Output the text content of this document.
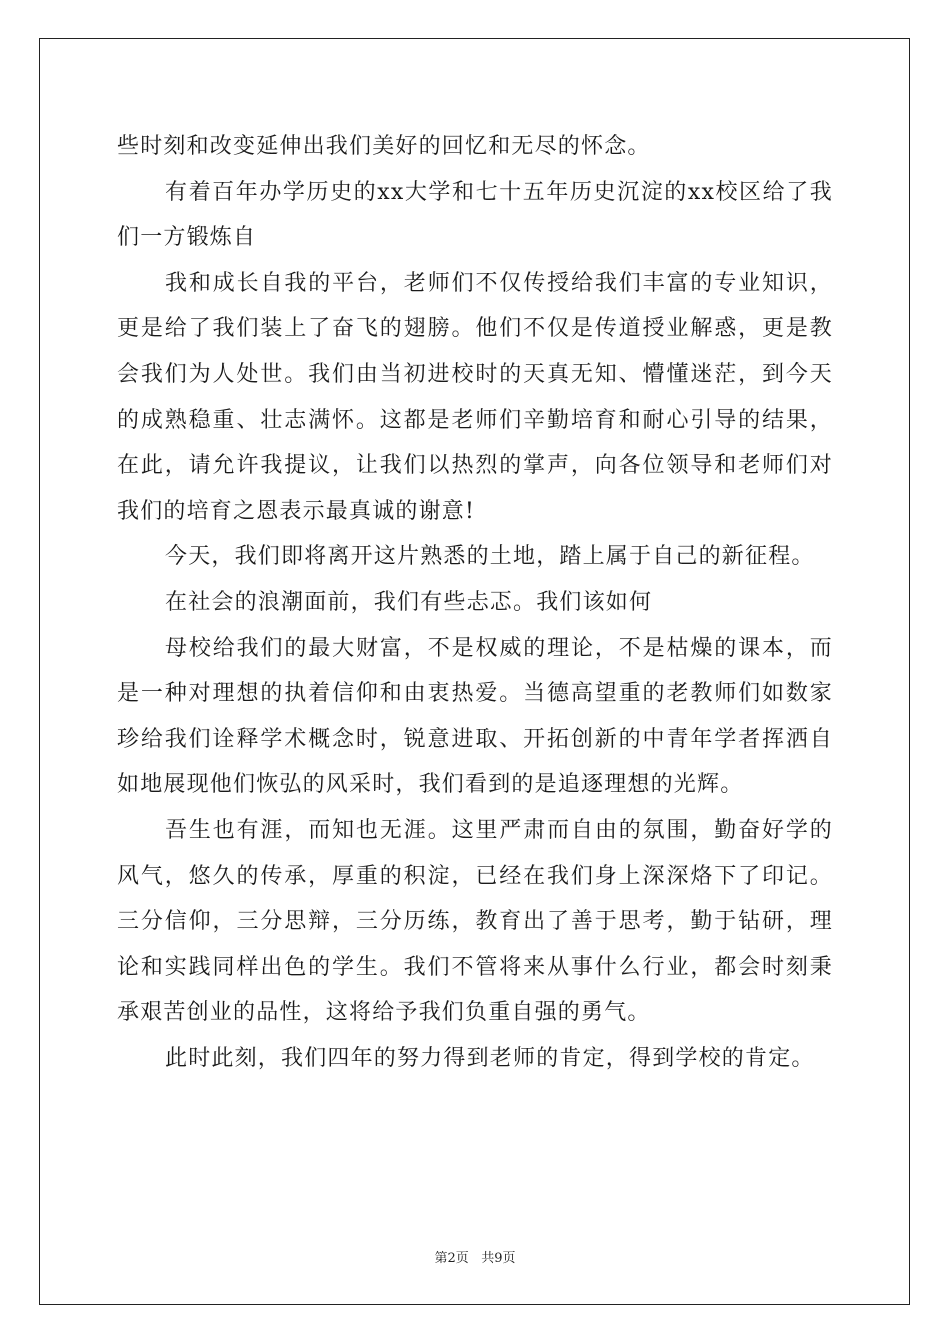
些时刻和改变延伸出我们美好的回忆和无尽的怀念。

有着百年办学历史的xx大学和七十五年历史沉淀的xx校区给了我们一方锻炼自

我和成长自我的平台，老师们不仅传授给我们丰富的专业知识，更是给了我们装上了奋飞的翅膀。他们不仅是传道授业解惑，更是教会我们为人处世。我们由当初进校时的天真无知、懵懂迷茫，到今天的成熟稳重、壮志满怀。这都是老师们辛勤培育和耐心引导的结果，在此，请允许我提议，让我们以热烈的掌声，向各位领导和老师们对我们的培育之恩表示最真诚的谢意!

今天，我们即将离开这片熟悉的土地，踏上属于自己的新征程。

在社会的浪潮面前，我们有些忐忑。我们该如何

母校给我们的最大财富，不是权威的理论，不是枯燥的课本，而是一种对理想的执着信仰和由衷热爱。当德高望重的老教师们如数家珍给我们诠释学术概念时，锐意进取、开拓创新的中青年学者挥洒自如地展现他们恢弘的风采时，我们看到的是追逐理想的光辉。

吾生也有涯，而知也无涯。这里严肃而自由的氛围，勤奋好学的风气，悠久的传承，厚重的积淀，已经在我们身上深深烙下了印记。三分信仰，三分思辩，三分历练，教育出了善于思考，勤于钻研，理论和实践同样出色的学生。我们不管将来从事什么行业，都会时刻秉承艰苦创业的品性，这将给予我们负重自强的勇气。

此时此刻，我们四年的努力得到老师的肯定，得到学校的肯定。

第2页 共9页
